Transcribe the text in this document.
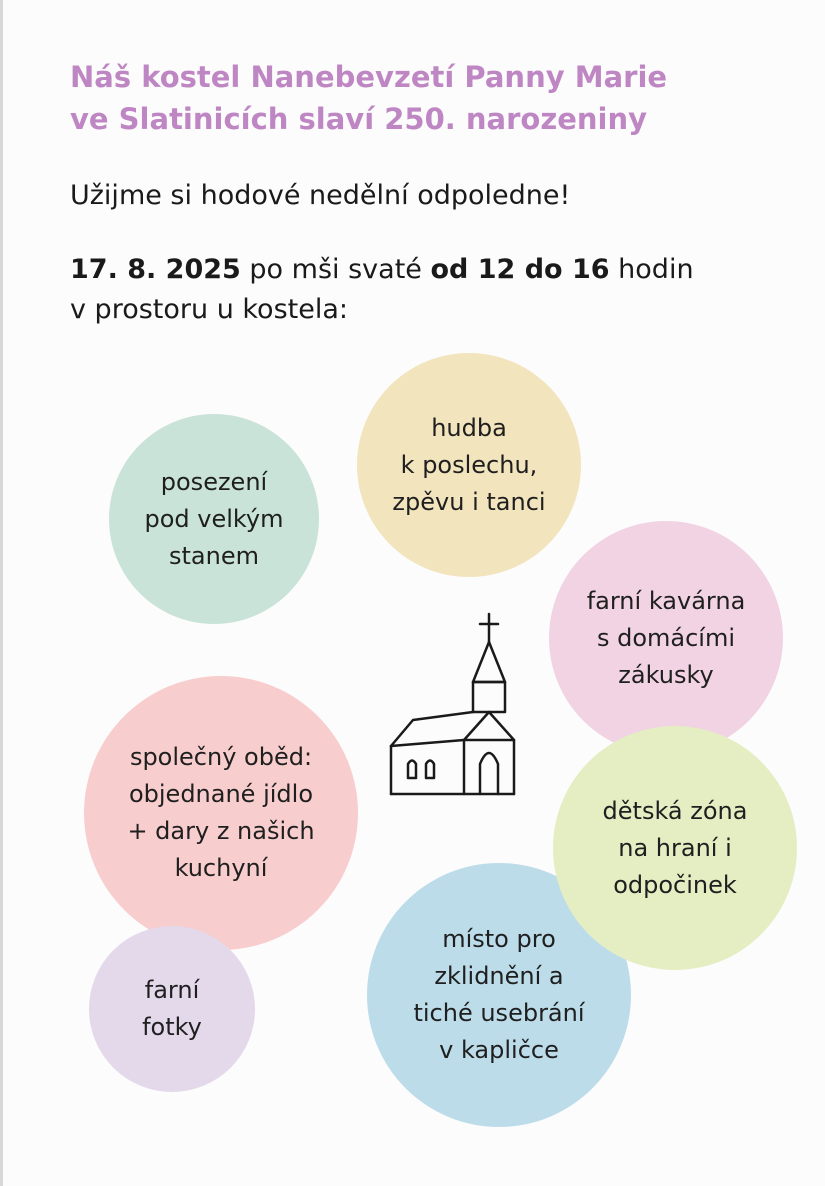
Náš kostel Nanebevzetí Panny Marie
ve Slatinicích slaví 250. narozeniny

Užijme si hodové nedělní odpoledne!

17. 8. 2025 po mši svaté od 12 do 16 hodin
v prostoru u kostela:

posezení
pod velkým
stanem
hudba
k poslechu,
zpěvu i tanci
farní kavárna
s domácími
zákusky
společný oběd:
objednané jídlo
+ dary z našich
kuchyní
místo pro
zklidnění a
tiché usebrání
v kapličce
dětská zóna
na hraní i
odpočinek
farní
fotky
